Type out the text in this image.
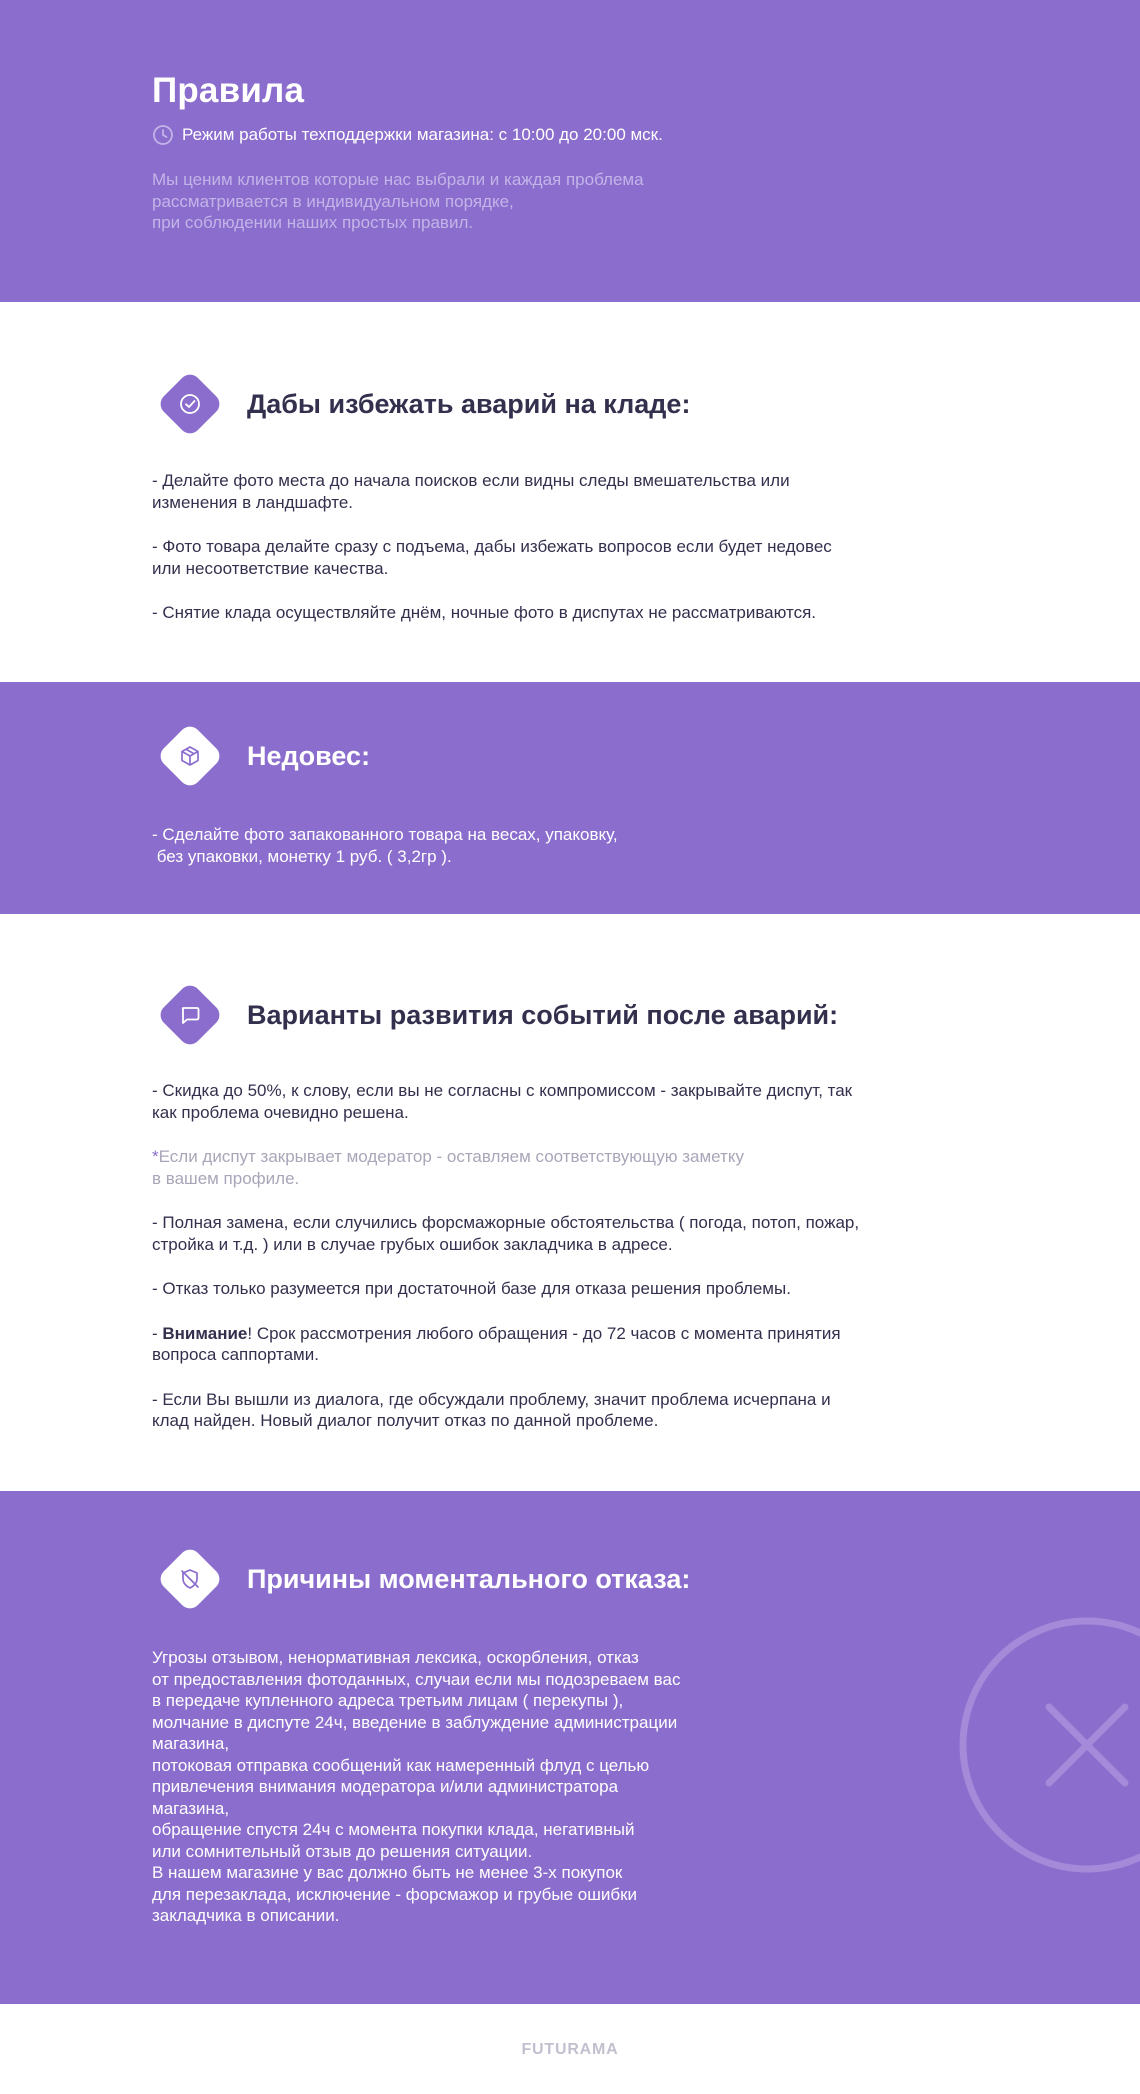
Правила
Режим работы техподдержки магазина: с 10:00 до 20:00 мск.

Мы ценим клиентов которые нас выбрали и каждая проблема

рассматривается в индивидуальном порядке,

при соблюдении наших простых правил.

Дабы избежать аварий на кладе:

- Делайте фото места до начала поисков если видны следы вмешательства или

изменения в ландшафте.

- Фото товара делайте сразу с подъема, дабы избежать вопросов если будет недовес

или несоответствие качества.

- Снятие клада осуществляйте днём, ночные фото в диспутах не рассматриваются.

Недовес:

- Сделайте фото запакованного товара на весах, упаковку,

без упаковки, монетку 1 руб. ( 3,2гр ).

Варианты развития событий после аварий:

- Скидка до 50%, к слову, если вы не согласны с компромиссом - закрывайте диспут, так

как проблема очевидно решена.

*Если диспут закрывает модератор - оставляем соответствующую заметку

в вашем профиле.

- Полная замена, если случились форсмажорные обстоятельства ( погода, потоп, пожар,

стройка и т.д. ) или в случае грубых ошибок закладчика в адресе.

- Отказ только разумеется при достаточной базе для отказа решения проблемы.

- Внимание! Срок рассмотрения любого обращения - до 72 часов с момента принятия

вопроса саппортами.

- Если Вы вышли из диалога, где обсуждали проблему, значит проблема исчерпана и

клад найден. Новый диалог получит отказ по данной проблеме.

Причины моментального отказа:

Угрозы отзывом, ненормативная лексика, оскорбления, отказ

от предоставления фотоданных, случаи если мы подозреваем вас

в передаче купленного адреса третьим лицам ( перекупы ),

молчание в диспуте 24ч, введение в заблуждение администрации

магазина,

потоковая отправка сообщений как намеренный флуд с целью

привлечения внимания модератора и/или администратора

магазина,

обращение спустя 24ч с момента покупки клада, негативный

или сомнительный отзыв до решения ситуации.

В нашем магазине у вас должно быть не менее 3-х покупок

для перезаклада, исключение - форсмажор и грубые ошибки

закладчика в описании.

FUTURAMA
